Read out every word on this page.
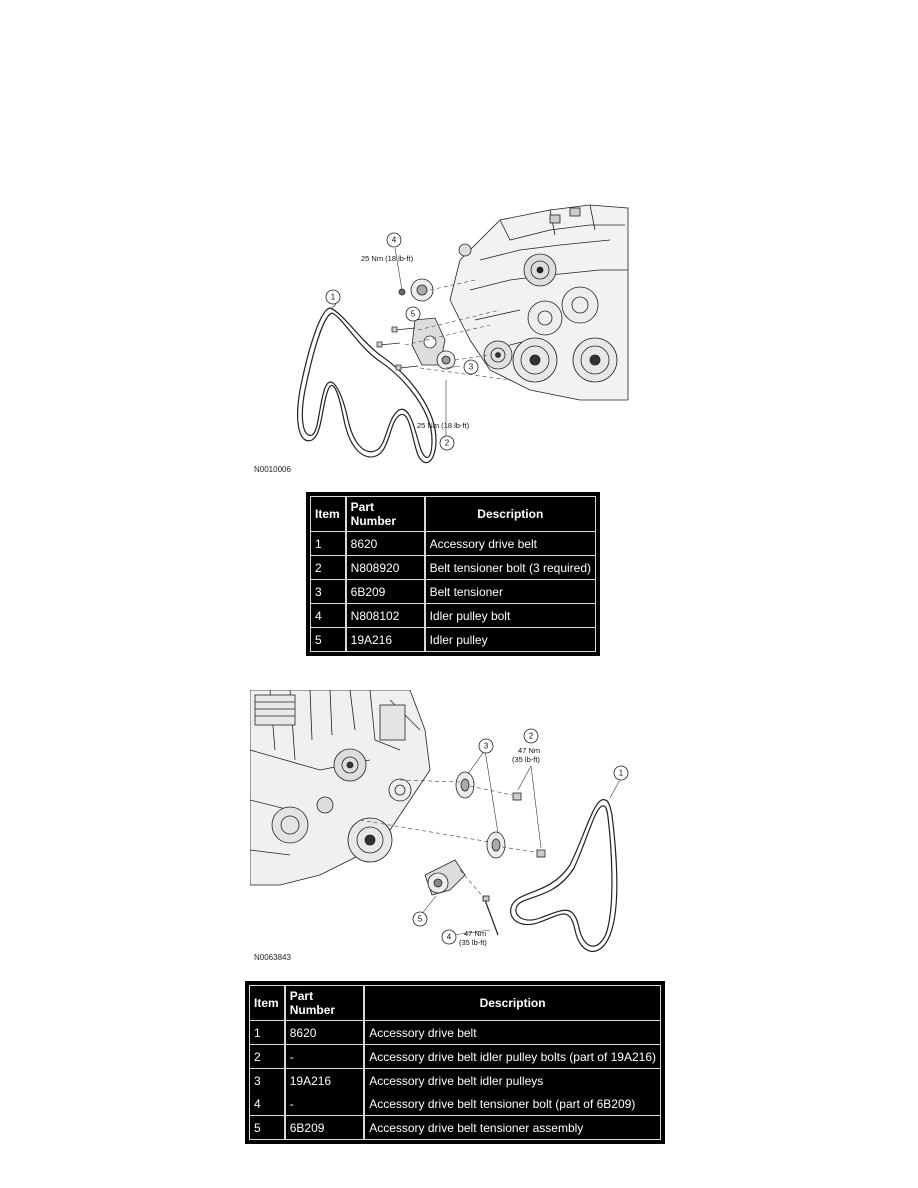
1
2
3
4
5
25 Nm (18 lb-ft)
25 Nm (18 lb-ft)
N0010006
Item	Part Number	Description
1	8620	Accessory drive belt
2	N808920	Belt tensioner bolt (3 required)
3	6B209	Belt tensioner
4	N808102	Idler pulley bolt
5	19A216	Idler pulley
1
2
3
4
5
47 Nm
(35 lb-ft)
47 Nm
(35 lb-ft)
N0063843
Item	Part Number	Description
1	8620	Accessory drive belt
2	-	Accessory drive belt idler pulley bolts (part of 19A216)
3	19A216	Accessory drive belt idler pulleys
4	-	Accessory drive belt tensioner bolt (part of 6B209)
5	6B209	Accessory drive belt tensioner assembly
